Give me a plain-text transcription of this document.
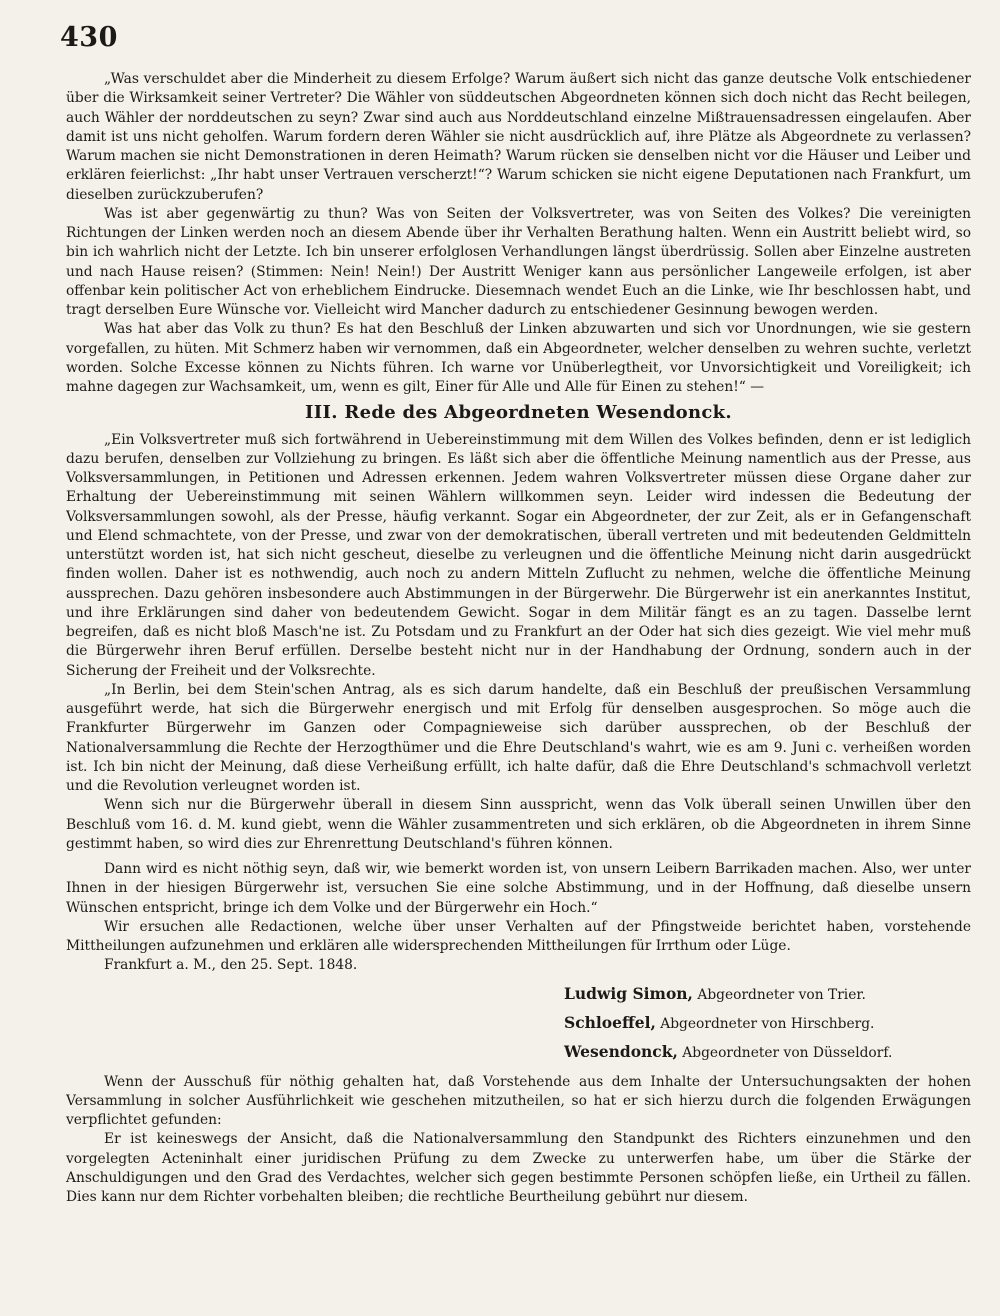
430

„Was verschuldet aber die Minderheit zu diesem Erfolge? Warum äußert sich nicht das ganze deutsche Volk entschiedener über die Wirksamkeit seiner Vertreter? Die Wähler von süddeutschen Abgeordneten können sich doch nicht das Recht beilegen, auch Wähler der norddeutschen zu seyn? Zwar sind auch aus Norddeutschland einzelne Mißtrauensadressen eingelaufen. Aber damit ist uns nicht geholfen. Warum fordern deren Wähler sie nicht ausdrücklich auf, ihre Plätze als Abgeordnete zu verlassen? Warum machen sie nicht Demonstrationen in deren Heimath? Warum rücken sie denselben nicht vor die Häuser und Leiber und erklären feierlichst: „Ihr habt unser Vertrauen verscherzt!“? Warum schicken sie nicht eigene Deputationen nach Frankfurt, um dieselben zurückzuberufen?

Was ist aber gegenwärtig zu thun? Was von Seiten der Volksvertreter, was von Seiten des Volkes? Die vereinigten Richtungen der Linken werden noch an diesem Abende über ihr Verhalten Berathung halten. Wenn ein Austritt beliebt wird, so bin ich wahrlich nicht der Letzte. Ich bin unserer erfolglosen Verhandlungen längst überdrüssig. Sollen aber Einzelne austreten und nach Hause reisen? (Stimmen: Nein! Nein!) Der Austritt Weniger kann aus persönlicher Langeweile erfolgen, ist aber offenbar kein politischer Act von erheblichem Eindrucke. Diesemnach wendet Euch an die Linke, wie Ihr beschlossen habt, und tragt derselben Eure Wünsche vor. Vielleicht wird Mancher dadurch zu entschiedener Gesinnung bewogen werden.

Was hat aber das Volk zu thun? Es hat den Beschluß der Linken abzuwarten und sich vor Unordnungen, wie sie gestern vorgefallen, zu hüten. Mit Schmerz haben wir vernommen, daß ein Abgeordneter, welcher denselben zu wehren suchte, verletzt worden. Solche Excesse können zu Nichts führen. Ich warne vor Unüberlegtheit, vor Unvorsichtigkeit und Voreiligkeit; ich mahne dagegen zur Wachsamkeit, um, wenn es gilt, Einer für Alle und Alle für Einen zu stehen!“ —

III. Rede des Abgeordneten Wesendonck.

„Ein Volksvertreter muß sich fortwährend in Uebereinstimmung mit dem Willen des Volkes befinden, denn er ist lediglich dazu berufen, denselben zur Vollziehung zu bringen. Es läßt sich aber die öffentliche Meinung namentlich aus der Presse, aus Volksversammlungen, in Petitionen und Adressen erkennen. Jedem wahren Volksvertreter müssen diese Organe daher zur Erhaltung der Uebereinstimmung mit seinen Wählern willkommen seyn. Leider wird indessen die Bedeutung der Volksversammlungen sowohl, als der Presse, häufig verkannt. Sogar ein Abgeordneter, der zur Zeit, als er in Gefangenschaft und Elend schmachtete, von der Presse, und zwar von der demokratischen, überall vertreten und mit bedeutenden Geldmitteln unterstützt worden ist, hat sich nicht gescheut, dieselbe zu verleugnen und die öffentliche Meinung nicht darin ausgedrückt finden wollen. Daher ist es nothwendig, auch noch zu andern Mitteln Zuflucht zu nehmen, welche die öffentliche Meinung aussprechen. Dazu gehören insbesondere auch Abstimmungen in der Bürgerwehr. Die Bürgerwehr ist ein anerkanntes Institut, und ihre Erklärungen sind daher von bedeutendem Gewicht. Sogar in dem Militär fängt es an zu tagen. Dasselbe lernt begreifen, daß es nicht bloß Masch'ne ist. Zu Potsdam und zu Frankfurt an der Oder hat sich dies gezeigt. Wie viel mehr muß die Bürgerwehr ihren Beruf erfüllen. Derselbe besteht nicht nur in der Handhabung der Ordnung, sondern auch in der Sicherung der Freiheit und der Volksrechte.

„In Berlin, bei dem Stein'schen Antrag, als es sich darum handelte, daß ein Beschluß der preußischen Versammlung ausgeführt werde, hat sich die Bürgerwehr energisch und mit Erfolg für denselben ausgesprochen. So möge auch die Frankfurter Bürgerwehr im Ganzen oder Compagnieweise sich darüber aussprechen, ob der Beschluß der Nationalversammlung die Rechte der Herzogthümer und die Ehre Deutschland's wahrt, wie es am 9. Juni c. verheißen worden ist. Ich bin nicht der Meinung, daß diese Verheißung erfüllt, ich halte dafür, daß die Ehre Deutschland's schmachvoll verletzt und die Revolution verleugnet worden ist.

Wenn sich nur die Bürgerwehr überall in diesem Sinn ausspricht, wenn das Volk überall seinen Unwillen über den Beschluß vom 16. d. M. kund giebt, wenn die Wähler zusammentreten und sich erklären, ob die Abgeordneten in ihrem Sinne gestimmt haben, so wird dies zur Ehrenrettung Deutschland's führen können.

Dann wird es nicht nöthig seyn, daß wir, wie bemerkt worden ist, von unsern Leibern Barrikaden machen. Also, wer unter Ihnen in der hiesigen Bürgerwehr ist, versuchen Sie eine solche Abstimmung, und in der Hoffnung, daß dieselbe unsern Wünschen entspricht, bringe ich dem Volke und der Bürgerwehr ein Hoch.“

Wir ersuchen alle Redactionen, welche über unser Verhalten auf der Pfingstweide berichtet haben, vorstehende Mittheilungen aufzunehmen und erklären alle widersprechenden Mittheilungen für Irrthum oder Lüge.

Frankfurt a. M., den 25. Sept. 1848.

Ludwig Simon, Abgeordneter von Trier.
Schloeffel, Abgeordneter von Hirschberg.
Wesendonck, Abgeordneter von Düsseldorf.

Wenn der Ausschuß für nöthig gehalten hat, daß Vorstehende aus dem Inhalte der Untersuchungsakten der hohen Versammlung in solcher Ausführlichkeit wie geschehen mitzutheilen, so hat er sich hierzu durch die folgenden Erwägungen verpflichtet gefunden:

Er ist keineswegs der Ansicht, daß die Nationalversammlung den Standpunkt des Richters einzunehmen und den vorgelegten Acteninhalt einer juridischen Prüfung zu dem Zwecke zu unterwerfen habe, um über die Stärke der Anschuldigungen und den Grad des Verdachtes, welcher sich gegen bestimmte Personen schöpfen ließe, ein Urtheil zu fällen. Dies kann nur dem Richter vorbehalten bleiben; die rechtliche Beurtheilung gebührt nur diesem.
